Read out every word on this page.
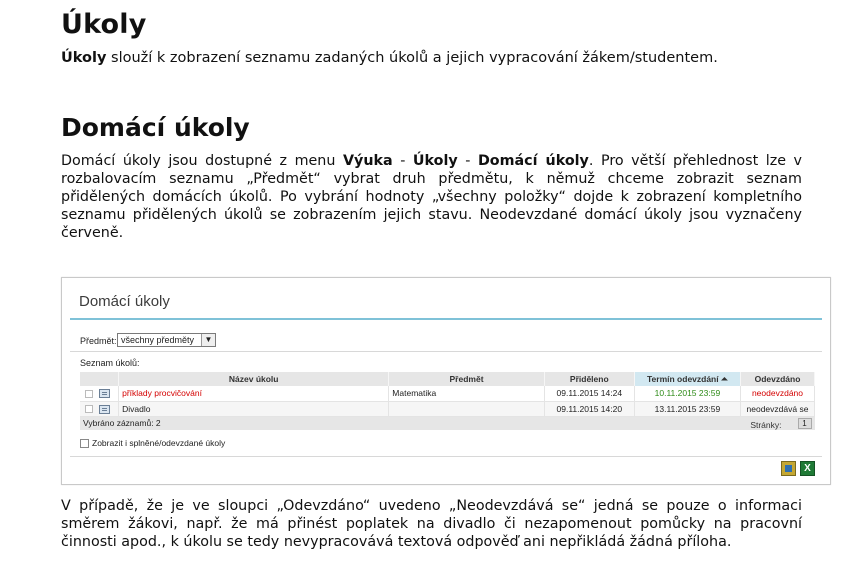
Úkoly
Úkoly slouží k zobrazení seznamu zadaných úkolů a jejich vypracování žákem/studentem.
Domácí úkoly
Domácí úkoly jsou dostupné z menu Výuka - Úkoly - Domácí úkoly. Pro větší přehlednost lze v rozbalovacím seznamu „Předmět“ vybrat druh předmětu, k němuž chceme zobrazit seznam přidělených domácích úkolů. Po vybrání hodnoty „všechny položky“ dojde k zobrazení kompletního seznamu přidělených úkolů se zobrazením jejich stavu. Neodevzdané domácí úkoly jsou vyznačeny červeně.
Domácí úkoly
Předmět: všechny předměty	▼
Seznam úkolů:
	Název úkolu	Předmět	Přiděleno	Termín odevzdání ⏶	Odevzdáno
	příklady procvičování	Matematika	09.11.2015 14:24	10.11.2015 23:59	neodevzdáno
	Divadlo		09.11.2015 14:20	13.11.2015 23:59	neodevzdává se
Vybráno záznamů: 2 Stránky: 1					
Zobrazit i splněné/odevzdané úkoly
X
V případě, že je ve sloupci „Odevzdáno“ uvedeno „Neodevzdává se“ jedná se pouze o informaci směrem žákovi, např. že má přinést poplatek na divadlo či nezapomenout pomůcky na pracovní činnosti apod., k úkolu se tedy nevypracovává textová odpověď ani nepřikládá žádná příloha.
